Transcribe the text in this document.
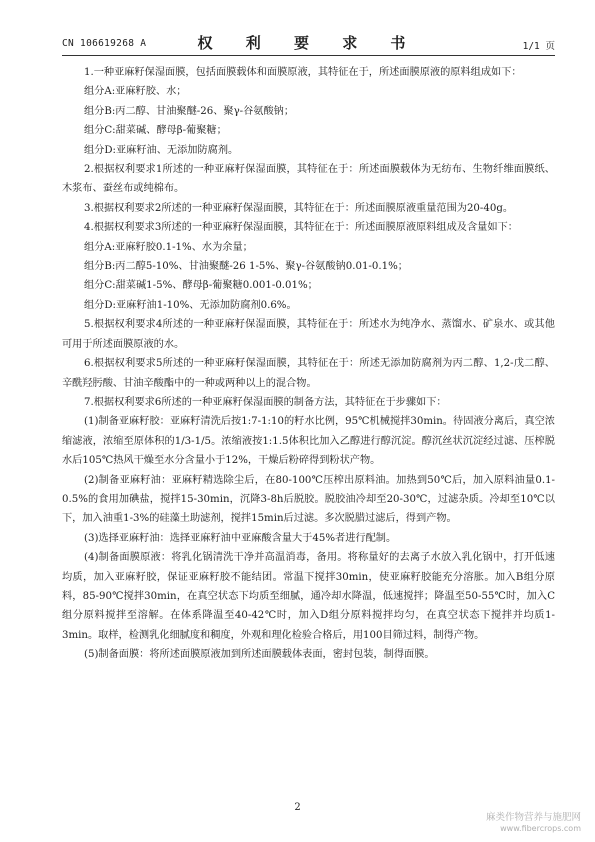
CN 106619268 A	权 利 要 求 书	1/1 页

1.一种亚麻籽保湿面膜，包括面膜载体和面膜原液，其特征在于，所述面膜原液的原料组成如下：

组分A:亚麻籽胶、水；

组分B:丙二醇、甘油聚醚-26、聚γ-谷氨酸钠；

组分C:甜菜碱、酵母β-葡聚糖；

组分D:亚麻籽油、无添加防腐剂。

2.根据权利要求1所述的一种亚麻籽保湿面膜，其特征在于：所述面膜载体为无纺布、生物纤维面膜纸、木浆布、蚕丝布或纯棉布。

3.根据权利要求2所述的一种亚麻籽保湿面膜，其特征在于：所述面膜原液重量范围为20-40g。

4.根据权利要求3所述的一种亚麻籽保湿面膜，其特征在于：所述面膜原液原料组成及含量如下：

组分A:亚麻籽胶0.1-1%、水为余量；

组分B:丙二醇5-10%、甘油聚醚-26 1-5%、聚γ-谷氨酸钠0.01-0.1%；

组分C:甜菜碱1-5%、酵母β-葡聚糖0.001-0.01%；

组分D:亚麻籽油1-10%、无添加防腐剂0.6%。

5.根据权利要求4所述的一种亚麻籽保湿面膜，其特征在于：所述水为纯净水、蒸馏水、矿泉水、或其他可用于所述面膜原液的水。

6.根据权利要求5所述的一种亚麻籽保湿面膜，其特征在于：所述无添加防腐剂为丙二醇、1,2-戊二醇、辛酰羟肟酸、甘油辛酸酯中的一种或两种以上的混合物。

7.根据权利要求6所述的一种亚麻籽保湿面膜的制备方法，其特征在于步骤如下：

(1)制备亚麻籽胶：亚麻籽清洗后按1:7-1:10的籽水比例，95℃机械搅拌30min。待固液分离后，真空浓缩滤液，浓缩至原体积的1/3-1/5。浓缩液按1:1.5体积比加入乙醇进行醇沉淀。醇沉丝状沉淀经过滤、压榨脱水后105℃热风干燥至水分含量小于12%，干燥后粉碎得到粉状产物。

(2)制备亚麻籽油：亚麻籽精选除尘后，在80-100℃压榨出原料油。加热到50℃后，加入原料油量0.1-0.5%的食用加碘盐，搅拌15-30min，沉降3-8h后脱胶。脱胶油冷却至20-30℃，过滤杂质。冷却至10℃以下，加入油重1-3%的硅藻土助滤剂，搅拌15min后过滤。多次脱腊过滤后，得到产物。

(3)选择亚麻籽油：选择亚麻籽油中亚麻酸含量大于45%者进行配制。

(4)制备面膜原液：将乳化锅清洗干净并高温消毒，备用。将称量好的去离子水放入乳化锅中，打开低速均质，加入亚麻籽胶，保证亚麻籽胶不能结团。常温下搅拌30min，使亚麻籽胶能充分溶胀。加入B组分原料，85-90℃搅拌30min，在真空状态下均质至细腻，通冷却水降温，低速搅拌；降温至50-55℃时，加入C组分原料搅拌至溶解。在体系降温至40-42℃时，加入D组分原料搅拌均匀，在真空状态下搅拌并均质1-3min。取样，检测乳化细腻度和稠度，外观和理化检验合格后，用100目筛过料，制得产物。

(5)制备面膜：将所述面膜原液加到所述面膜载体表面，密封包装，制得面膜。

2
麻类作物营养与施肥网
www.fibercrops.com
